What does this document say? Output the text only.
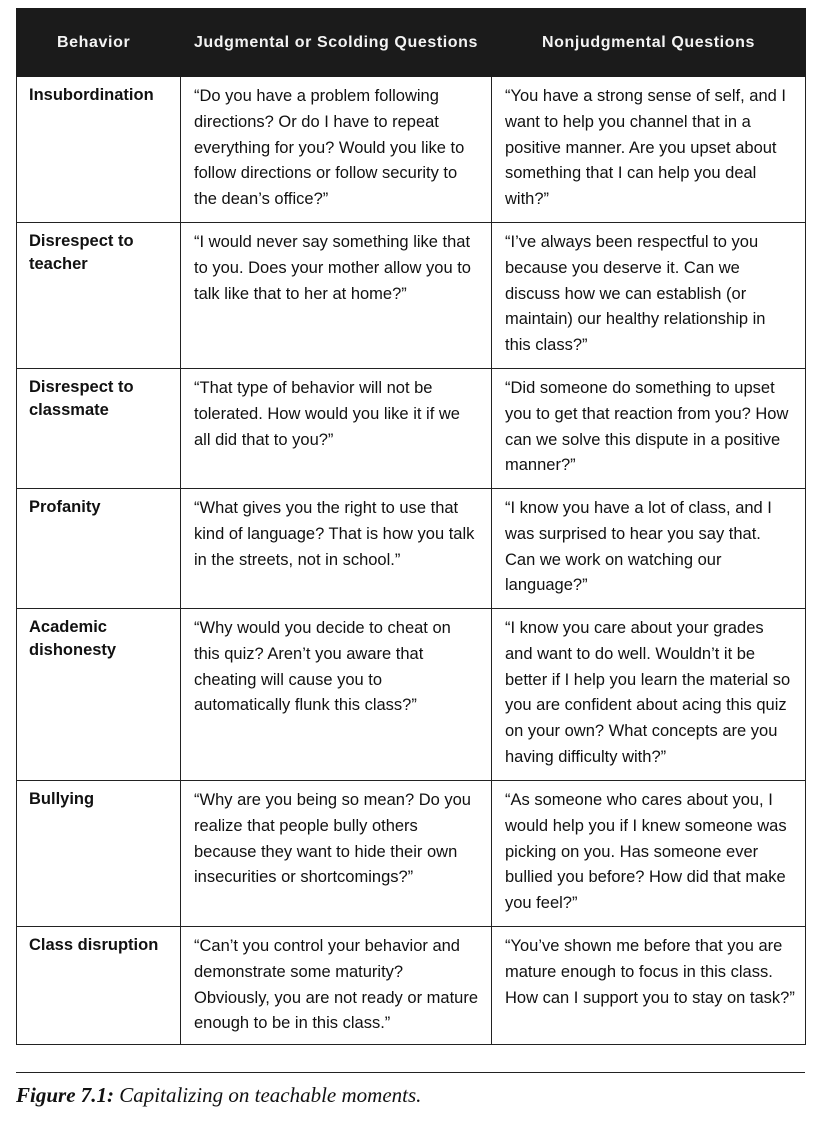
Behavior	Judgmental or Scolding Questions	Nonjudgmental Questions
Insubordination	“Do you have a problem following directions? Or do I have to repeat everything for you? Would you like to follow directions or follow security to the dean’s office?”	“You have a strong sense of self, and I want to help you channel that in a positive manner. Are you upset about something that I can help you deal with?”
Disrespect to teacher	“I would never say something like that to you. Does your mother allow you to talk like that to her at home?”	“I’ve always been respectful to you because you deserve it. Can we discuss how we can establish (or maintain) our healthy relationship in this class?”
Disrespect to classmate	“That type of behavior will not be tolerated. How would you like it if we all did that to you?”	“Did someone do something to upset you to get that reaction from you? How can we solve this dispute in a positive manner?”
Profanity	“What gives you the right to use that kind of language? That is how you talk in the streets, not in school.”	“I know you have a lot of class, and I was surprised to hear you say that. Can we work on watching our language?”
Academic dishonesty	“Why would you decide to cheat on this quiz? Aren’t you aware that cheating will cause you to automatically flunk this class?”	“I know you care about your grades and want to do well. Wouldn’t it be better if I help you learn the material so you are confident about acing this quiz on your own? What concepts are you having difficulty with?”
Bullying	“Why are you being so mean? Do you realize that people bully others because they want to hide their own insecurities or shortcomings?”	“As someone who cares about you, I would help you if I knew someone was picking on you. Has someone ever bullied you before? How did that make you feel?”
Class disruption	“Can’t you control your behavior and demonstrate some maturity? Obviously, you are not ready or mature enough to be in this class.”	“You’ve shown me before that you are mature enough to focus in this class. How can I support you to stay on task?”
Figure 7.1: Capitalizing on teachable moments.
